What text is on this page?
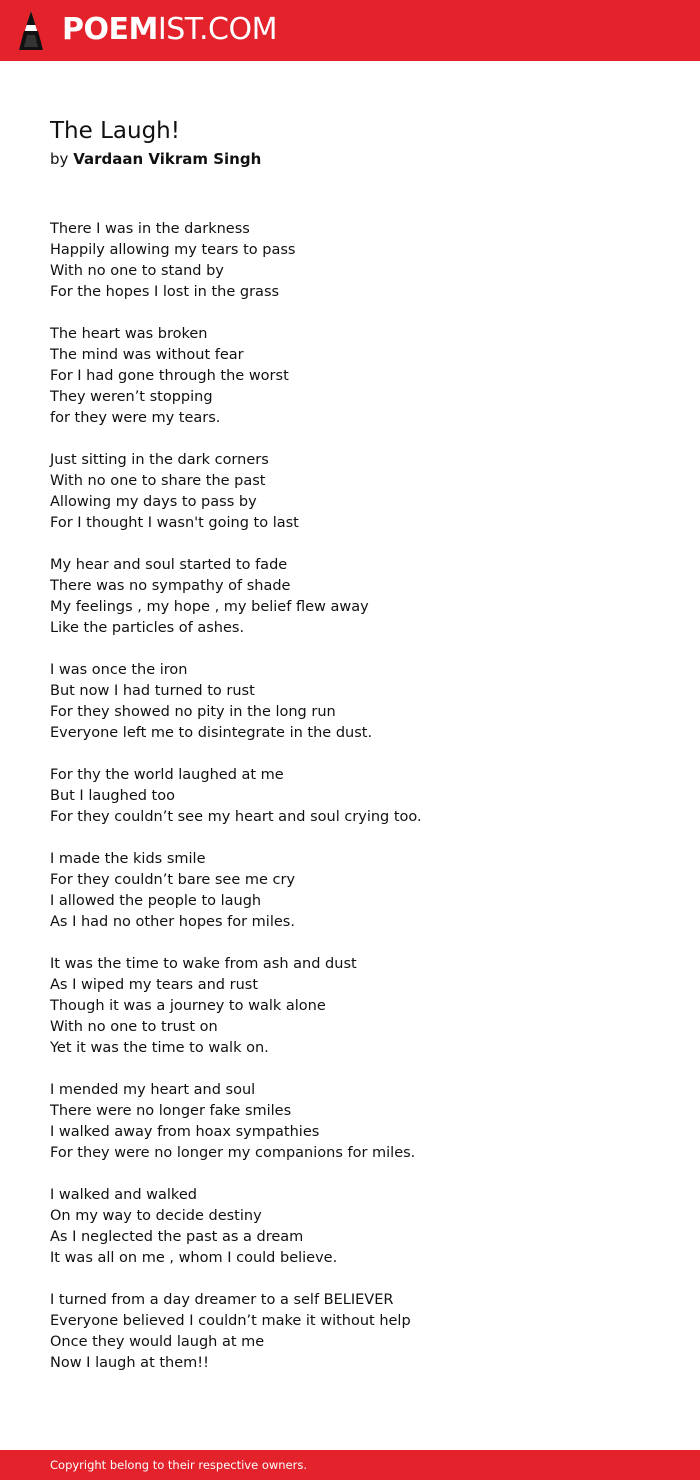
POEMIST.COM
The Laugh!
by Vardaan Vikram Singh
There I was in the darkness
Happily allowing my tears to pass
With no one to stand by
For the hopes I lost in the grass
The heart was broken
The mind was without fear
For I had gone through the worst
They weren’t stopping
for they were my tears.
Just sitting in the dark corners
With no one to share the past
Allowing my days to pass by
For I thought I wasn't going to last
My hear and soul started to fade
There was no sympathy of shade
My feelings , my hope , my belief flew away
Like the particles of ashes.
I was once the iron
But now I had turned to rust
For they showed no pity in the long run
Everyone left me to disintegrate in the dust.
For thy the world laughed at me
But I laughed too
For they couldn’t see my heart and soul crying too.
I made the kids smile
For they couldn’t bare see me cry
I allowed the people to laugh
As I had no other hopes for miles.
It was the time to wake from ash and dust
As I wiped my tears and rust
Though it was a journey to walk alone
With no one to trust on
Yet it was the time to walk on.
I mended my heart and soul
There were no longer fake smiles
I walked away from hoax sympathies
For they were no longer my companions for miles.
I walked and walked
On my way to decide destiny
As I neglected the past as a dream
It was all on me , whom I could believe.
I turned from a day dreamer to a self BELIEVER
Everyone believed I couldn’t make it without help
Once they would laugh at me
Now I laugh at them!!
Copyright belong to their respective owners.
